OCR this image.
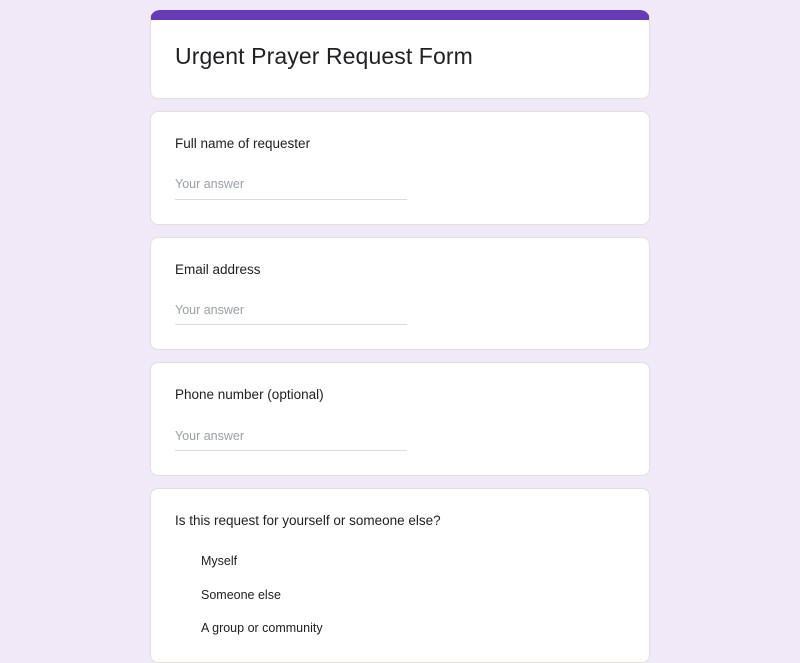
Urgent Prayer Request Form

Full name of requester

Your answer

Email address

Your answer

Phone number (optional)

Your answer

Is this request for yourself or someone else?

Myself
Someone else
A group or community
